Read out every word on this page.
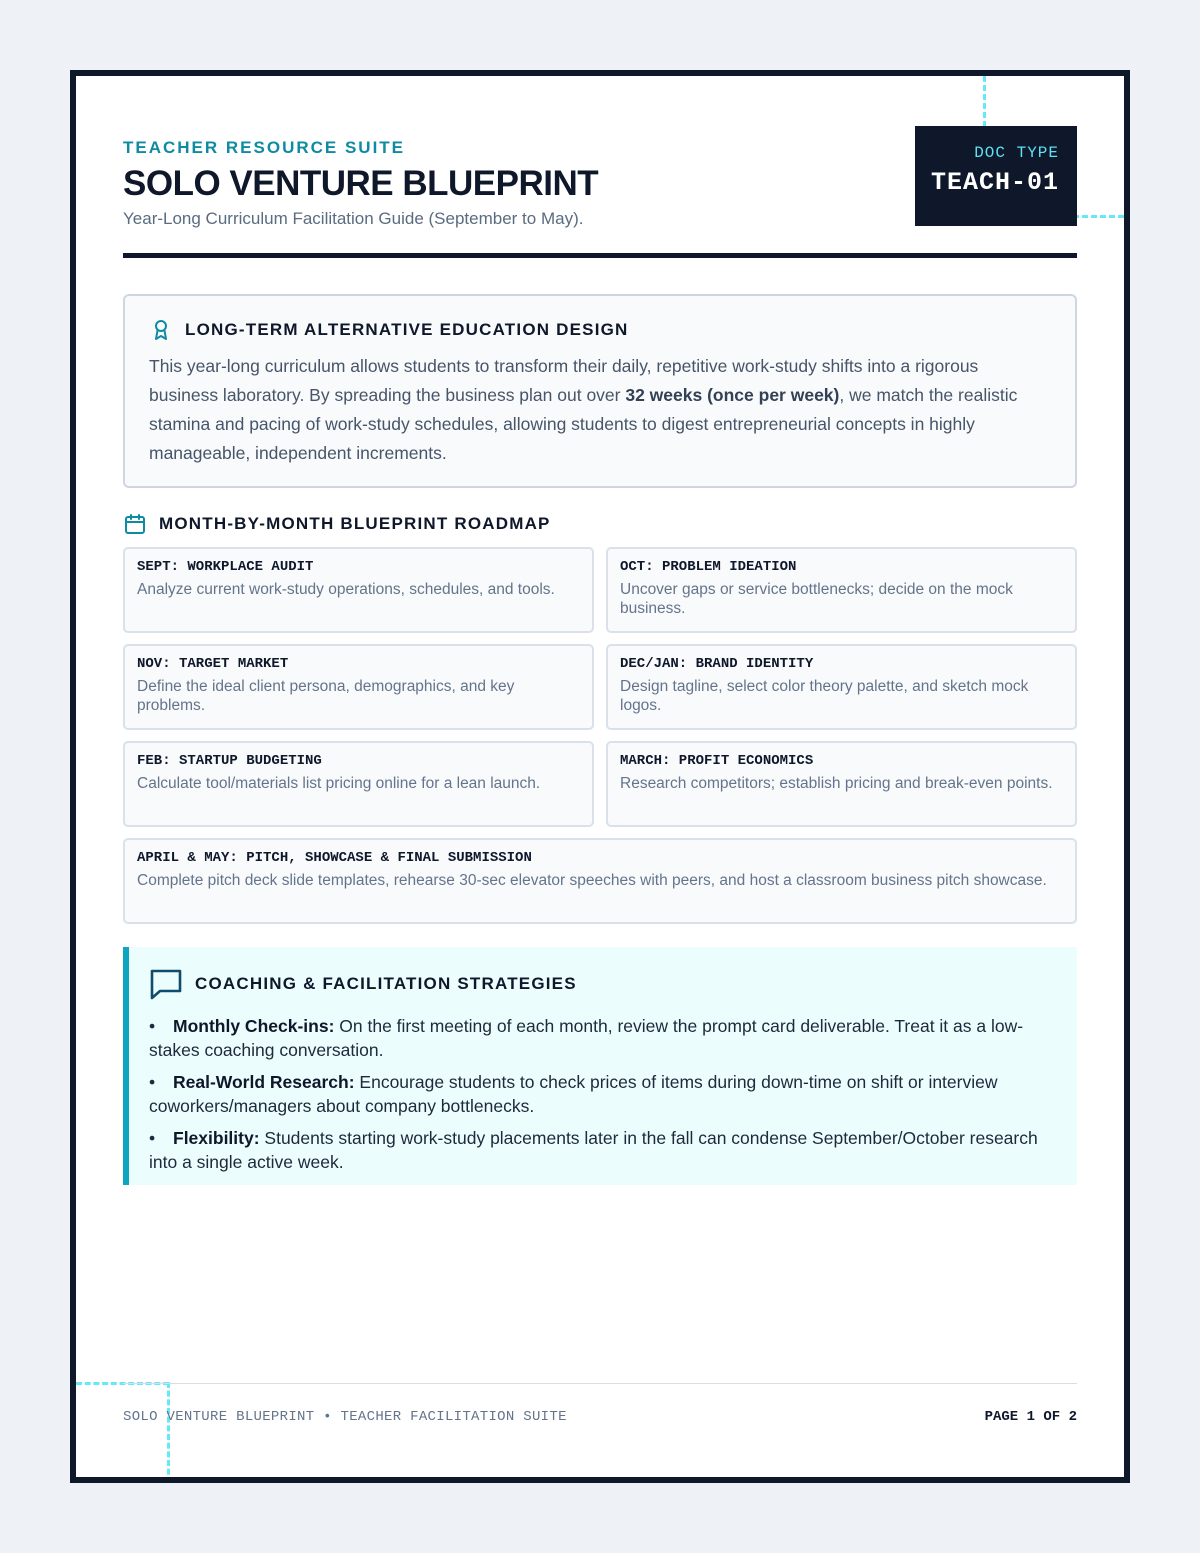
TEACHER RESOURCE SUITE
SOLO VENTURE BLUEPRINT
Year-Long Curriculum Facilitation Guide (September to May).
DOC TYPE
TEACH-01
LONG-TERM ALTERNATIVE EDUCATION DESIGN

This year-long curriculum allows students to transform their daily, repetitive work-study shifts into a rigorous business laboratory. By spreading the business plan out over 32 weeks (once per week), we match the realistic stamina and pacing of work-study schedules, allowing students to digest entrepreneurial concepts in highly manageable, independent increments.

MONTH-BY-MONTH BLUEPRINT ROADMAP
SEPT: WORKPLACE AUDIT
Analyze current work-study operations, schedules, and tools.
OCT: PROBLEM IDEATION
Uncover gaps or service bottlenecks; decide on the mock business.
NOV: TARGET MARKET
Define the ideal client persona, demographics, and key problems.
DEC/JAN: BRAND IDENTITY
Design tagline, select color theory palette, and sketch mock logos.
FEB: STARTUP BUDGETING
Calculate tool/materials list pricing online for a lean launch.
MARCH: PROFIT ECONOMICS
Research competitors; establish pricing and break-even points.
APRIL & MAY: PITCH, SHOWCASE & FINAL SUBMISSION
Complete pitch deck slide templates, rehearse 30-sec elevator speeches with peers, and host a classroom business pitch showcase.
COACHING & FACILITATION STRATEGIES
• Monthly Check-ins: On the first meeting of each month, review the prompt card deliverable. Treat it as a low-stakes coaching conversation.
• Real-World Research: Encourage students to check prices of items during down-time on shift or interview coworkers/managers about company bottlenecks.
• Flexibility: Students starting work-study placements later in the fall can condense September/October research into a single active week.
SOLO VENTURE BLUEPRINT • TEACHER FACILITATION SUITE	PAGE 1 OF 2
